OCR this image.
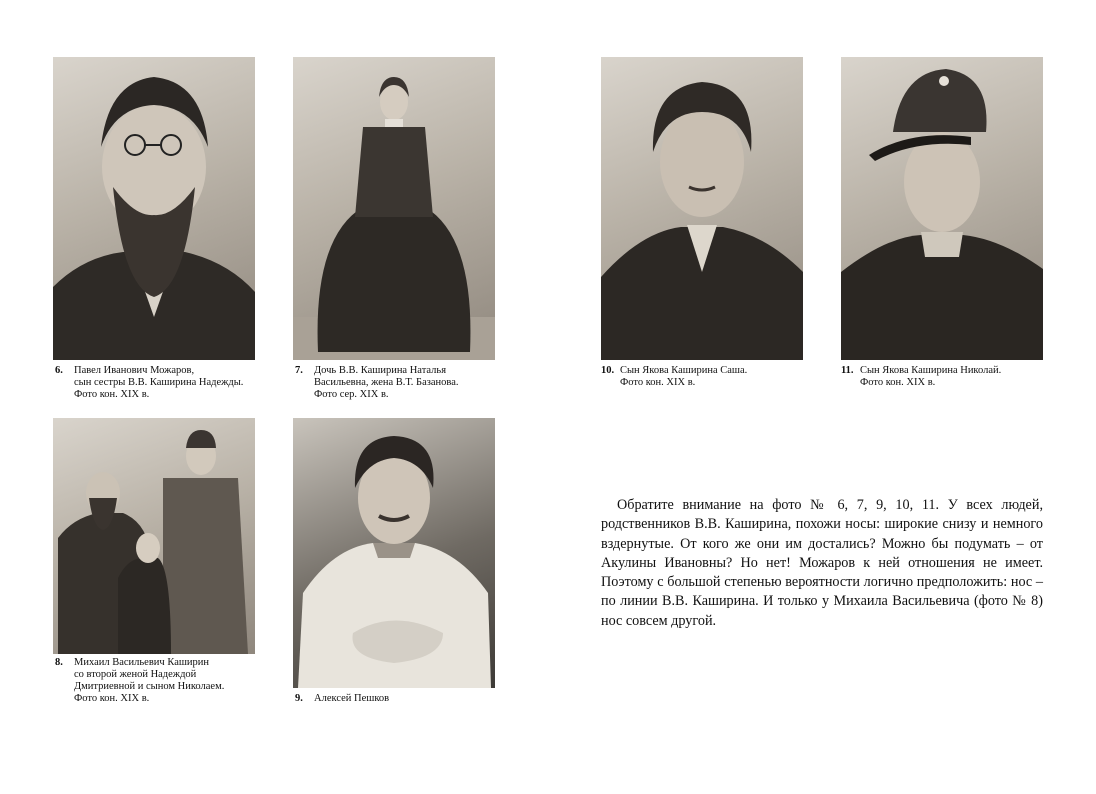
6. Павел Иванович Можаров,
сын сестры В.В. Каширина Надежды.
Фото кон. XIX в.
7. Дочь В.В. Каширина Наталья
Васильевна, жена В.Т. Базанова.
Фото сер. XIX в.
10. Сын Якова Каширина Саша.
Фото кон. XIX в.
11. Сын Якова Каширина Николай.
Фото кон. XIX в.
8. Михаил Васильевич Каширин
со второй женой Надеждой
Дмитриевной и сыном Николаем.
Фото кон. XIX в.	9. Алексей Пешков

Обратите внимание на фото № 6, 7, 9, 10, 11. У всех людей, родственников В.В. Каширина, похожи носы: широкие снизу и немного вздернутые. От кого же они им достались? Можно бы подумать – от Акулины Ивановны? Но нет! Можаров к ней отношения не имеет. Поэтому с большой степенью вероятности логично предположить: нос – по линии В.В. Каширина. И только у Михаила Васильевича (фото № 8) нос совсем другой.
